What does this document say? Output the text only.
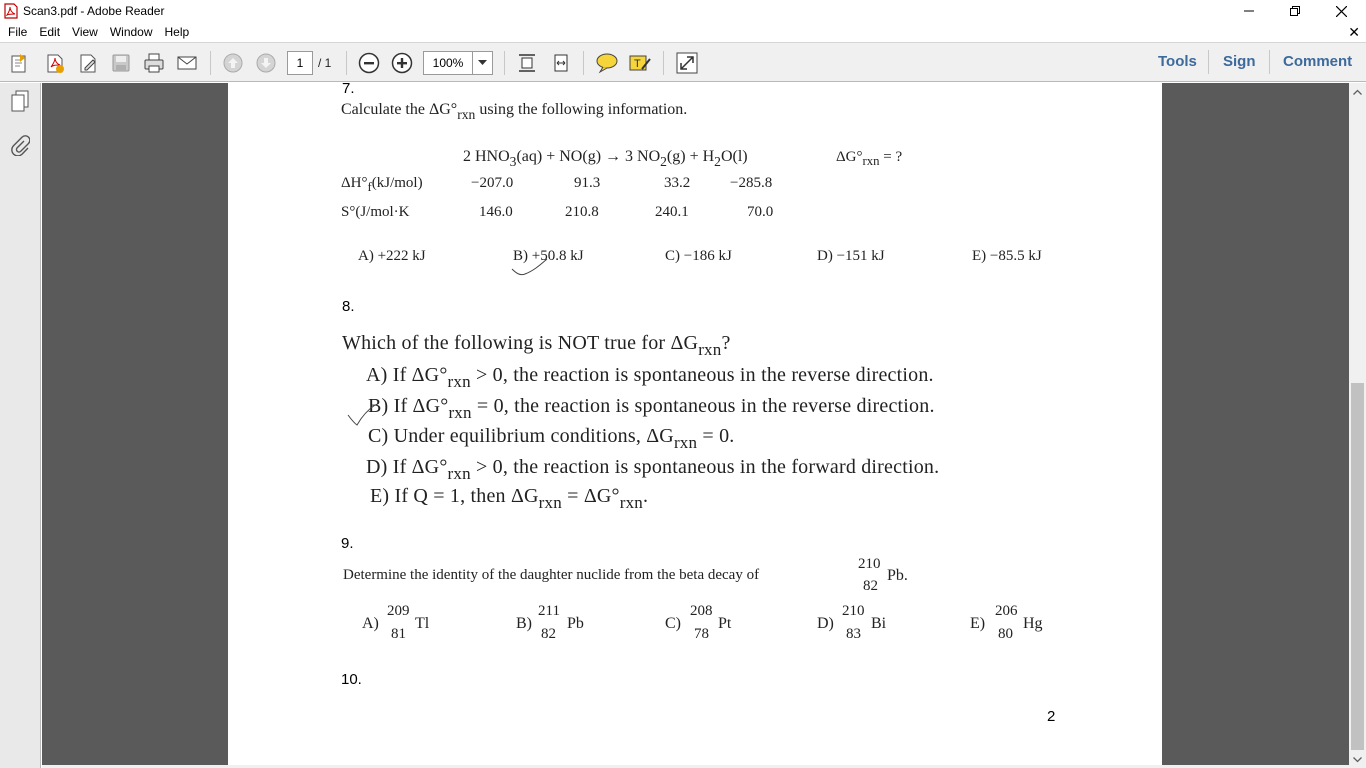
Scan3.pdf - Adobe Reader
File	Edit	View	Window	Help	✕
1	/ 1	100%	T	Tools Sign Comment
7.
Calculate the $\Delta G^\circ_{rxn}$ using the following information.
2 $HNO_3(aq) + NO(g) \to 3$ $NO_2(g) + H_2O(l)$	$\Delta G^\circ_{rxn}$ = ?
$\Delta H^\circ_f(kJ/mol)$	−207.0	91.3	33.2	−285.8
S°(J/mol·K	146.0	210.8	240.1	70.0
A) +222 kJ	B) +50.8 kJ	C) −186 kJ	D) −151 kJ	E) −85.5 kJ
8.
Which of the following is NOT true for $\Delta G_{rxn}$?
A) If $\Delta G^\circ_{rxn} > 0$, the reaction is spontaneous in the reverse direction.
B) If $\Delta G^\circ_{rxn} = 0$, the reaction is spontaneous in the reverse direction.
C) Under equilibrium conditions, $\Delta G_{rxn} = 0$.
D) If $\Delta G^\circ_{rxn} > 0$, the reaction is spontaneous in the forward direction.
E) If Q = 1, then $\Delta G_{rxn} = \Delta G^\circ_{rxn}$.
9.
Determine the identity of the daughter nuclide from the beta decay of
210
82
Pb.
A)
209
81
Tl	B)
211
82
Pb	C)
208
78
Pt	D)
210
83
Bi	E)
206
80
Hg
10.
2
